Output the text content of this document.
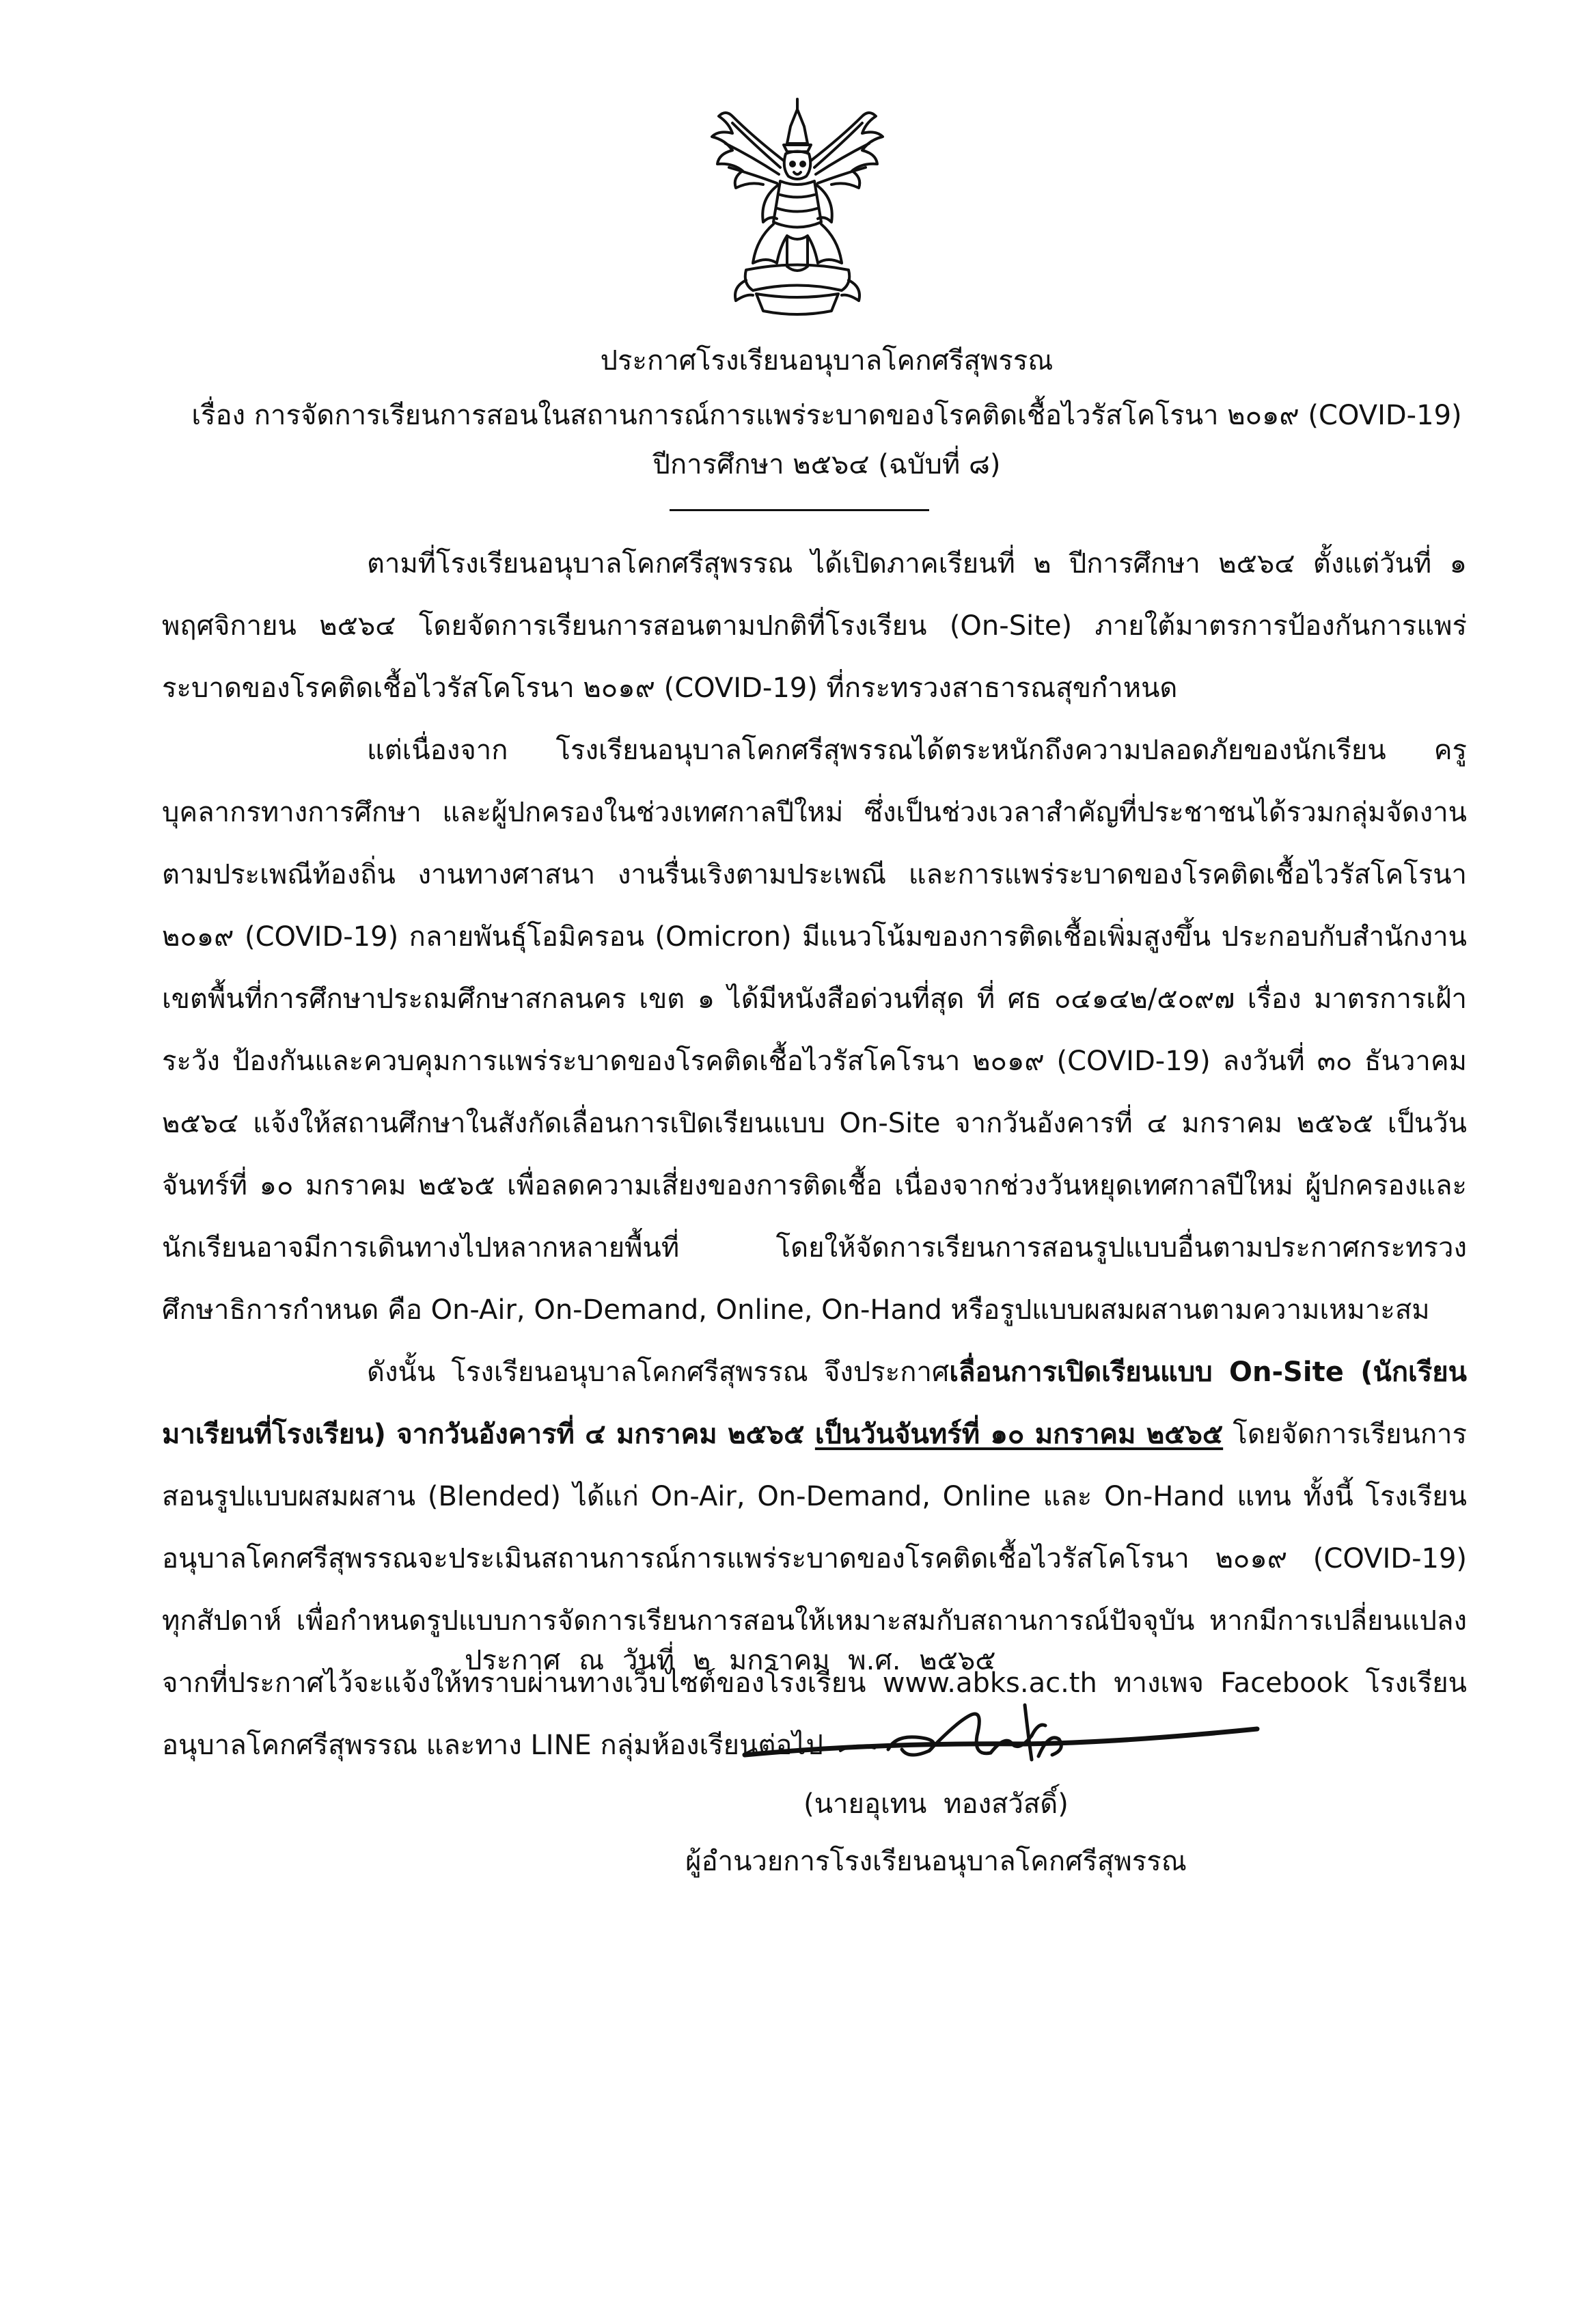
ประกาศโรงเรียนอนุบาลโคกศรีสุพรรณ
เรื่อง การจัดการเรียนการสอนในสถานการณ์การแพร่ระบาดของโรคติดเชื้อไวรัสโคโรนา ๒๐๑๙ (COVID-19)
ปีการศึกษา ๒๕๖๔ (ฉบับที่ ๘)

ตามที่โรงเรียนอนุบาลโคกศรีสุพรรณ ได้เปิดภาคเรียนที่ ๒ ปีการศึกษา ๒๕๖๔ ตั้งแต่วันที่ ๑ พฤศจิกายน ๒๕๖๔ โดยจัดการเรียนการสอนตามปกติที่โรงเรียน (On-Site) ภายใต้มาตรการป้องกันการแพร่ระบาดของโรคติดเชื้อไวรัสโคโรนา ๒๐๑๙ (COVID-19) ที่กระทรวงสาธารณสุขกำหนด

แต่เนื่องจาก โรงเรียนอนุบาลโคกศรีสุพรรณได้ตระหนักถึงความปลอดภัยของนักเรียน ครู บุคลากรทางการศึกษา และผู้ปกครองในช่วงเทศกาลปีใหม่ ซึ่งเป็นช่วงเวลาสำคัญที่ประชาชนได้รวมกลุ่มจัดงานตามประเพณีท้องถิ่น งานทางศาสนา งานรื่นเริงตามประเพณี และการแพร่ระบาดของโรคติดเชื้อไวรัสโคโรนา ๒๐๑๙ (COVID-19) กลายพันธุ์โอมิครอน (Omicron) มีแนวโน้มของการติดเชื้อเพิ่มสูงขึ้น ประกอบกับสำนักงานเขตพื้นที่การศึกษาประถมศึกษาสกลนคร เขต ๑ ได้มีหนังสือด่วนที่สุด ที่ ศธ ๐๔๑๔๒/๕๐๙๗ เรื่อง มาตรการเฝ้าระวัง ป้องกันและควบคุมการแพร่ระบาดของโรคติดเชื้อไวรัสโคโรนา ๒๐๑๙ (COVID-19) ลงวันที่ ๓๐ ธันวาคม ๒๕๖๔ แจ้งให้สถานศึกษาในสังกัดเลื่อนการเปิดเรียนแบบ On-Site จากวันอังคารที่ ๔ มกราคม ๒๕๖๕ เป็นวันจันทร์ที่ ๑๐ มกราคม ๒๕๖๕ เพื่อลดความเสี่ยงของการติดเชื้อ เนื่องจากช่วงวันหยุดเทศกาลปีใหม่ ผู้ปกครองและนักเรียนอาจมีการเดินทางไปหลากหลายพื้นที่ โดยให้จัดการเรียนการสอนรูปแบบอื่นตามประกาศกระทรวงศึกษาธิการกำหนด คือ On-Air, On-Demand, Online, On-Hand หรือรูปแบบผสมผสานตามความเหมาะสม

ดังนั้น โรงเรียนอนุบาลโคกศรีสุพรรณ จึงประกาศเลื่อนการเปิดเรียนแบบ On-Site (นักเรียนมาเรียนที่โรงเรียน) จากวันอังคารที่ ๔ มกราคม ๒๕๖๕ เป็นวันจันทร์ที่ ๑๐ มกราคม ๒๕๖๕ โดยจัดการเรียนการสอนรูปแบบผสมผสาน (Blended) ได้แก่ On-Air, On-Demand, Online และ On-Hand แทน ทั้งนี้ โรงเรียนอนุบาลโคกศรีสุพรรณจะประเมินสถานการณ์การแพร่ระบาดของโรคติดเชื้อไวรัสโคโรนา ๒๐๑๙ (COVID-19) ทุกสัปดาห์ เพื่อกำหนดรูปแบบการจัดการเรียนการสอนให้เหมาะสมกับสถานการณ์ปัจจุบัน หากมีการเปลี่ยนแปลงจากที่ประกาศไว้จะแจ้งให้ทราบผ่านทางเว็บไซต์ของโรงเรียน www.abks.ac.th ทางเพจ Facebook โรงเรียนอนุบาลโคกศรีสุพรรณ และทาง LINE กลุ่มห้องเรียนต่อไป

ประกาศ ณ วันที่ ๒ มกราคม พ.ศ. ๒๕๖๕
(นายอุเทน ทองสวัสดิ์)
ผู้อำนวยการโรงเรียนอนุบาลโคกศรีสุพรรณ
